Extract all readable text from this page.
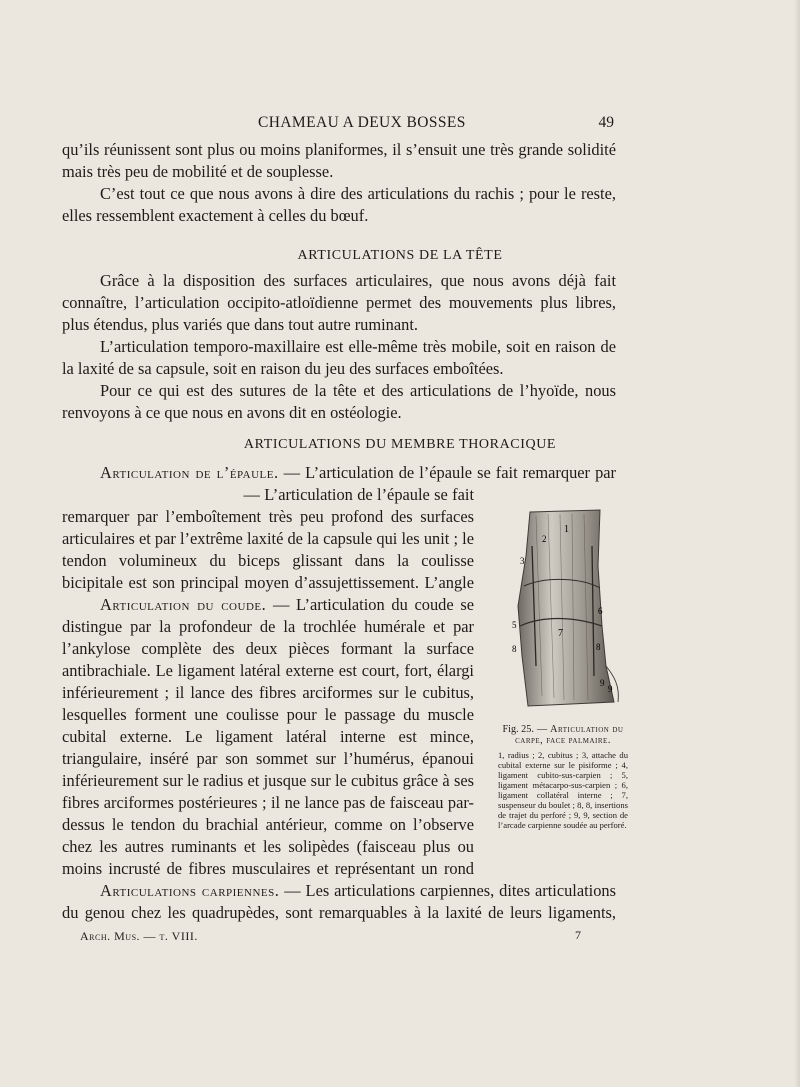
CHAMEAU A DEUX BOSSES	49

qu’ils réunissent sont plus ou moins planiformes, il s’ensuit une très grande solidité mais très peu de mobilité et de souplesse.

C’est tout ce que nous avons à dire des articulations du rachis ; pour le reste, elles ressemblent exactement à celles du bœuf.

ARTICULATIONS DE LA TÊTE

Grâce à la disposition des surfaces articulaires, que nous avons déjà fait connaître, l’articulation occipito-atloïdienne permet des mouvements plus libres, plus étendus, plus variés que dans tout autre ruminant.

L’articulation temporo-maxillaire est elle-même très mobile, soit en raison de la laxité de sa capsule, soit en raison du jeu des surfaces emboîtées.

Pour ce qui est des sutures de la tête et des articulations de l’hyoïde, nous renvoyons à ce que nous en avons dit en ostéologie.

ARTICULATIONS DU MEMBRE THORACIQUE

Articulation de l’épaule. — L’articulation de l’épaule se fait remarquer par

— L’articulation de l’épaule se fait remarquer par l’emboîtement très peu profond des surfaces articulaires et par l’extrême laxité de la capsule qui les unit ; le tendon volumineux du biceps glissant dans la coulisse bicipitale est son principal moyen d’assujettissement. L’angle

1
2
3
5
6
7
8	8
9
9
Fig. 25. — Articulation du carpe, face palmaire.
1, radius ; 2, cubitus ; 3, attache du cubital externe sur le pisiforme ; 4, ligament cubito-sus-carpien ; 5, ligament métacarpo-sus-carpien ; 6, ligament collatéral interne ; 7, suspenseur du boulet ; 8, 8, insertions de trajet du perforé ; 9, 9, section de l’arcade carpienne soudée au perforé.

Articulation du coude. — L’articulation du coude se distingue par la profondeur de la trochlée humérale et par l’ankylose complète des deux pièces formant la surface antibrachiale. Le ligament latéral externe est court, fort, élargi inférieurement ; il lance des fibres arciformes sur le cubitus, lesquelles forment une coulisse pour le passage du muscle cubital externe. Le ligament latéral interne est mince, triangulaire, inséré par son sommet sur l’humérus, épanoui inférieurement sur le radius et jusque sur le cubitus grâce à ses fibres arciformes postérieures ; il ne lance pas de faisceau par-dessus le tendon du brachial antérieur, comme on l’observe chez les autres ruminants et les solipèdes (faisceau plus ou

moins incrusté de fibres musculaires et représentant un rond

Articulations carpiennes. — Les articulations carpiennes, dites articulations du genou chez les quadrupèdes, sont remarquables à la laxité de leurs ligaments,

Arch. Mus. — t. VIII.	7
